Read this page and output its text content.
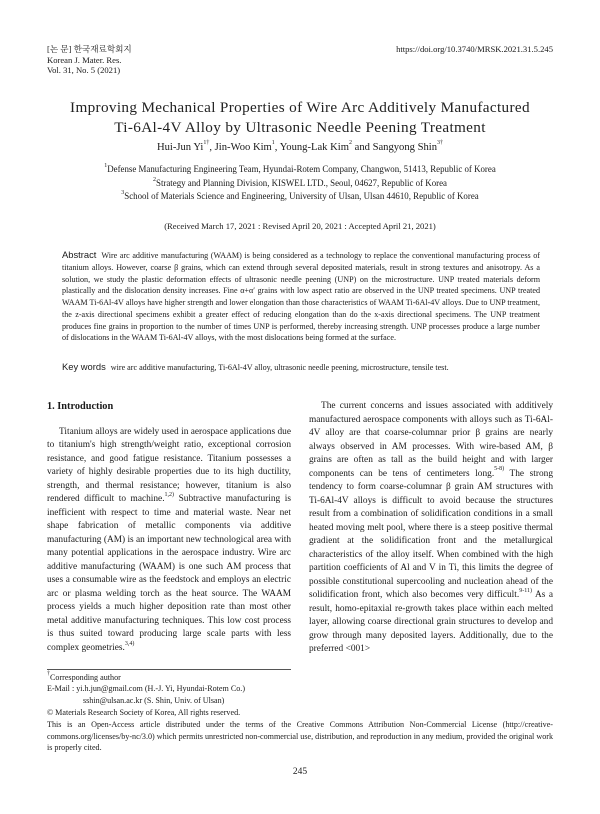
[논 문] 한국재료학회지
Korean J. Mater. Res.
Vol. 31, No. 5 (2021)
https://doi.org/10.3740/MRSK.2021.31.5.245
Improving Mechanical Properties of Wire Arc Additively Manufactured
Ti-6Al-4V Alloy by Ultrasonic Needle Peening Treatment
Hui-Jun $Yi^{1\dagger}$, Jin-Woo Kim$^1$, Young-Lak Kim$^2$ and Sangyong Shin$^{3\dagger}$
$^1$Defense Manufacturing Engineering Team, Hyundai-Rotem Company, Changwon, 51413, Republic of Korea
$^2$Strategy and Planning Division, KISWEL LTD., Seoul, 04627, Republic of Korea
$^3$School of Materials Science and Engineering, University of Ulsan, Ulsan 44610, Republic of Korea
(Received March 17, 2021 : Revised April 20, 2021 : Accepted April 21, 2021)
Abstract Wire arc additive manufacturing (WAAM) is being considered as a technology to replace the conventional manufacturing process of titanium alloys. However, coarse β grains, which can extend through several deposited materials, result in strong textures and anisotropy. As a solution, we study the plastic deformation effects of ultrasonic needle peening (UNP) on the microstructure. UNP treated materials deform plastically and the dislocation density increases. Fine α+α′ grains with low aspect ratio are observed in the UNP treated specimens. UNP treated WAAM Ti-6Al-4V alloys have higher strength and lower elongation than those characteristics of WAAM Ti-6Al-4V alloys. Due to UNP treatment, the z-axis directional specimens exhibit a greater effect of reducing elongation than do the x-axis directional specimens. The UNP treatment produces fine grains in proportion to the number of times UNP is performed, thereby increasing strength. UNP processes produce a large number of dislocations in the WAAM Ti-6Al-4V alloys, with the most dislocations being formed at the surface.
Key words wire arc additive manufacturing, Ti-6Al-4V alloy, ultrasonic needle peening, microstructure, tensile test.
1. Introduction

Titanium alloys are widely used in aerospace applications due to titanium's high strength/weight ratio, exceptional corrosion resistance, and good fatigue resistance. Titanium possesses a variety of highly desirable properties due to its high ductility, strength, and thermal resistance; however, titanium is also rendered difficult to machine.$^{1,2)}$ Subtractive manufacturing is inefficient with respect to time and material waste. Near net shape fabrication of metallic components via additive manufacturing (AM) is an important new technological area with many potential applications in the aerospace industry. Wire arc additive manufacturing (WAAM) is one such AM process that uses a consumable wire as the feedstock and employs an electric arc or plasma welding torch as the heat source. The WAAM process yields a much higher deposition rate than most other metal additive manufacturing techniques. This low cost process is thus suited toward producing large scale parts with less complex geometries.$^{3,4)}$

The current concerns and issues associated with additively manufactured aerospace components with alloys such as Ti-6Al-4V alloy are that coarse-columnar prior β grains are nearly always observed in AM processes. With wire-based AM, β grains are often as tall as the build height and with larger components can be tens of centimeters long.$^{5-8)}$ The strong tendency to form coarse-columnar β grain AM structures with Ti-6Al-4V alloys is difficult to avoid because the structures result from a combination of solidification conditions in a small heated moving melt pool, where there is a steep positive thermal gradient at the solidification front and the metallurgical characteristics of the alloy itself. When combined with the high partition coefficients of Al and V in Ti, this limits the degree of possible constitutional supercooling and nucleation ahead of the solidification front, which also becomes very difficult.$^{9-11)}$ As a result, homo-epitaxial re-growth takes place within each melted layer, allowing coarse directional grain structures to develop and grow through many deposited layers. Additionally, due to the preferred <001>

†Corresponding author
E-Mail : yi.h.jun@gmail.com (H.-J. Yi, Hyundai-Rotem Co.)
sshin@ulsan.ac.kr (S. Shin, Univ. of Ulsan)
© Materials Research Society of Korea, All rights reserved.
This is an Open-Access article distributed under the terms of the Creative Commons Attribution Non-Commercial License (http://creative-commons.org/licenses/by-nc/3.0) which permits unrestricted non-commercial use, distribution, and reproduction in any medium, provided the original work is properly cited.
245
